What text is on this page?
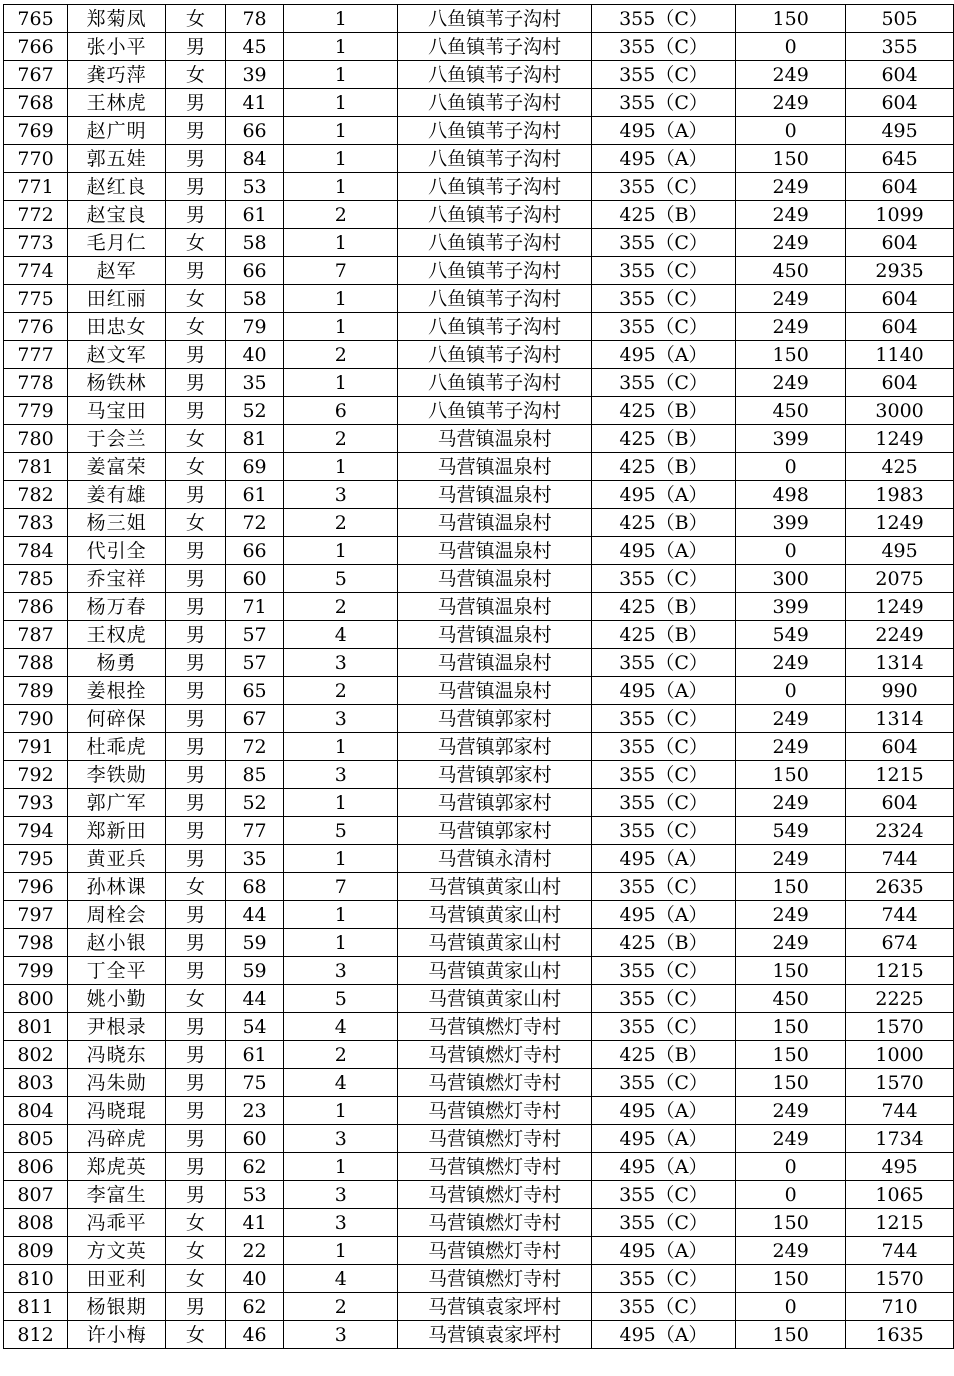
765	郑菊凤	女	78	1	八鱼镇苇子沟村	355（C）	150	505
766	张小平	男	45	1	八鱼镇苇子沟村	355（C）	0	355
767	龚巧萍	女	39	1	八鱼镇苇子沟村	355（C）	249	604
768	王林虎	男	41	1	八鱼镇苇子沟村	355（C）	249	604
769	赵广明	男	66	1	八鱼镇苇子沟村	495（A）	0	495
770	郭五娃	男	84	1	八鱼镇苇子沟村	495（A）	150	645
771	赵红良	男	53	1	八鱼镇苇子沟村	355（C）	249	604
772	赵宝良	男	61	2	八鱼镇苇子沟村	425（B）	249	1099
773	毛月仁	女	58	1	八鱼镇苇子沟村	355（C）	249	604
774	赵军	男	66	7	八鱼镇苇子沟村	355（C）	450	2935
775	田红丽	女	58	1	八鱼镇苇子沟村	355（C）	249	604
776	田忠女	女	79	1	八鱼镇苇子沟村	355（C）	249	604
777	赵文军	男	40	2	八鱼镇苇子沟村	495（A）	150	1140
778	杨铁林	男	35	1	八鱼镇苇子沟村	355（C）	249	604
779	马宝田	男	52	6	八鱼镇苇子沟村	425（B）	450	3000
780	于会兰	女	81	2	马营镇温泉村	425（B）	399	1249
781	姜富荣	女	69	1	马营镇温泉村	425（B）	0	425
782	姜有雄	男	61	3	马营镇温泉村	495（A）	498	1983
783	杨三姐	女	72	2	马营镇温泉村	425（B）	399	1249
784	代引全	男	66	1	马营镇温泉村	495（A）	0	495
785	乔宝祥	男	60	5	马营镇温泉村	355（C）	300	2075
786	杨万春	男	71	2	马营镇温泉村	425（B）	399	1249
787	王权虎	男	57	4	马营镇温泉村	425（B）	549	2249
788	杨勇	男	57	3	马营镇温泉村	355（C）	249	1314
789	姜根拴	男	65	2	马营镇温泉村	495（A）	0	990
790	何碎保	男	67	3	马营镇郭家村	355（C）	249	1314
791	杜乖虎	男	72	1	马营镇郭家村	355（C）	249	604
792	李铁勋	男	85	3	马营镇郭家村	355（C）	150	1215
793	郭广军	男	52	1	马营镇郭家村	355（C）	249	604
794	郑新田	男	77	5	马营镇郭家村	355（C）	549	2324
795	黄亚兵	男	35	1	马营镇永清村	495（A）	249	744
796	孙林课	女	68	7	马营镇黄家山村	355（C）	150	2635
797	周栓会	男	44	1	马营镇黄家山村	495（A）	249	744
798	赵小银	男	59	1	马营镇黄家山村	425（B）	249	674
799	丁全平	男	59	3	马营镇黄家山村	355（C）	150	1215
800	姚小勤	女	44	5	马营镇黄家山村	355（C）	450	2225
801	尹根录	男	54	4	马营镇燃灯寺村	355（C）	150	1570
802	冯晓东	男	61	2	马营镇燃灯寺村	425（B）	150	1000
803	冯朱勋	男	75	4	马营镇燃灯寺村	355（C）	150	1570
804	冯晓琨	男	23	1	马营镇燃灯寺村	495（A）	249	744
805	冯碎虎	男	60	3	马营镇燃灯寺村	495（A）	249	1734
806	郑虎英	男	62	1	马营镇燃灯寺村	495（A）	0	495
807	李富生	男	53	3	马营镇燃灯寺村	355（C）	0	1065
808	冯乖平	女	41	3	马营镇燃灯寺村	355（C）	150	1215
809	方文英	女	22	1	马营镇燃灯寺村	495（A）	249	744
810	田亚利	女	40	4	马营镇燃灯寺村	355（C）	150	1570
811	杨银期	男	62	2	马营镇袁家坪村	355（C）	0	710
812	许小梅	女	46	3	马营镇袁家坪村	495（A）	150	1635
